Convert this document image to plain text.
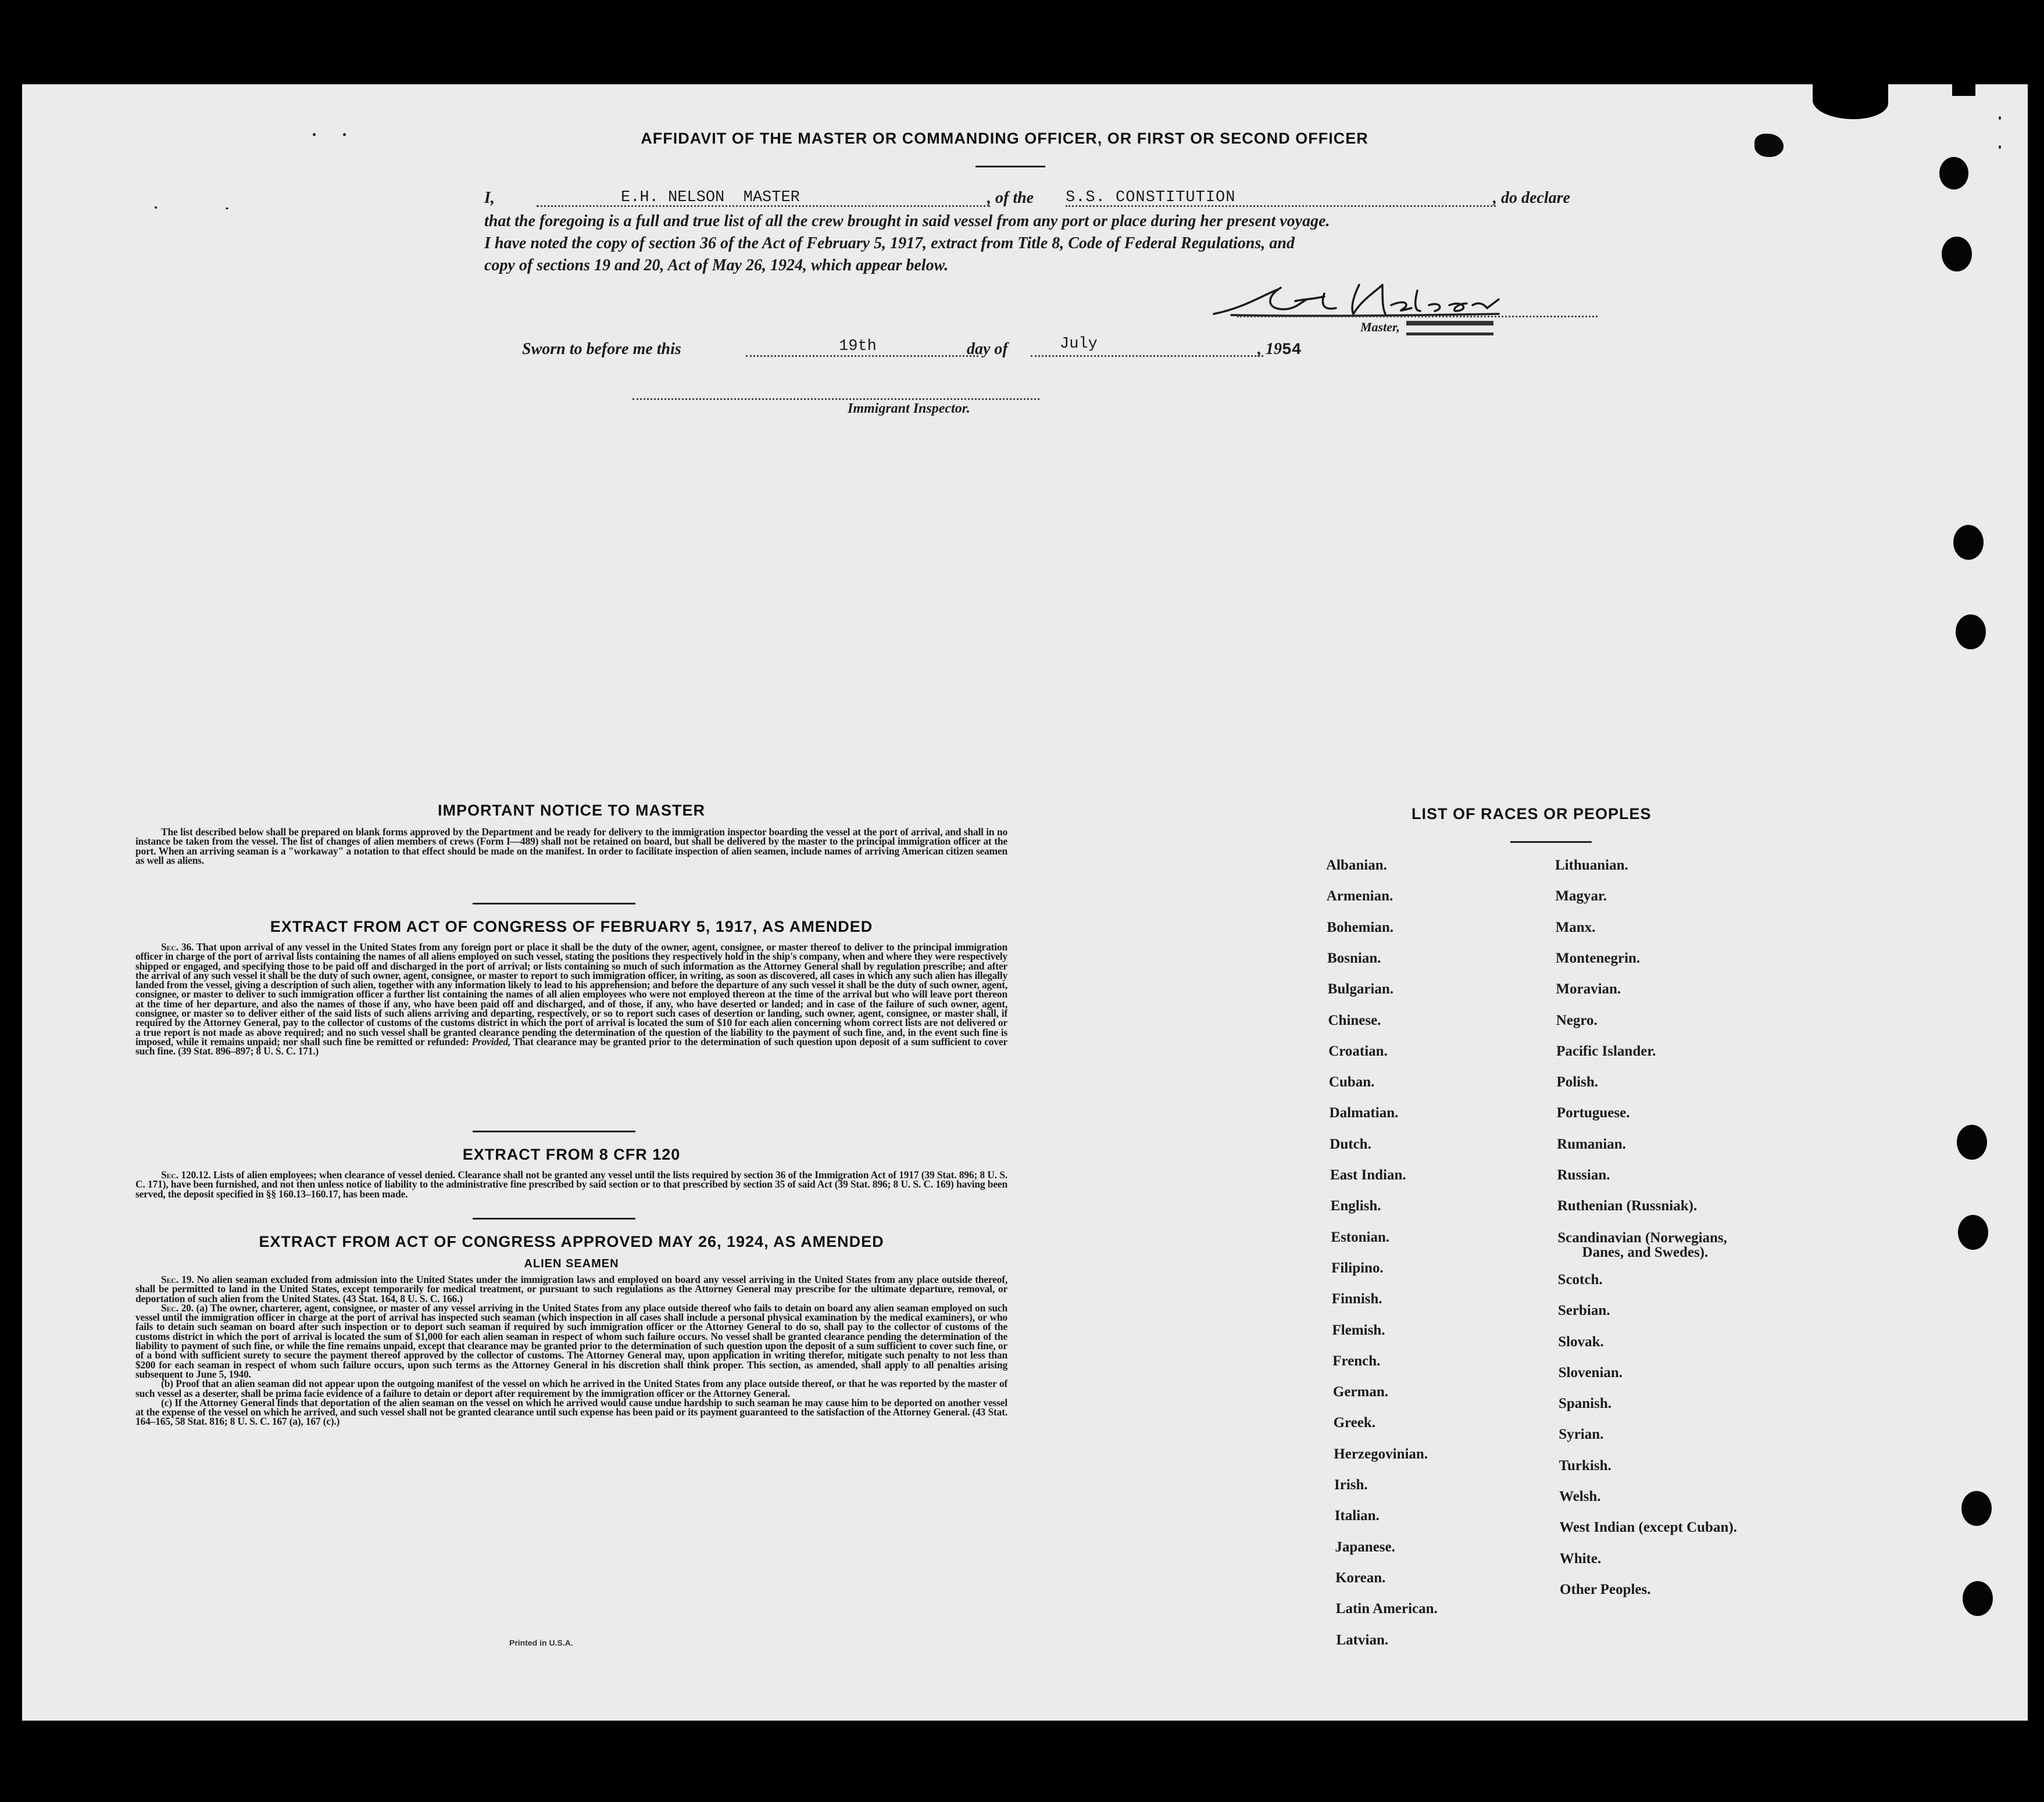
AFFIDAVIT OF THE MASTER OR COMMANDING OFFICER, OR FIRST OR SECOND OFFICER
I,	E.H. NELSON  MASTER	, of the S.S. CONSTITUTION	, do declare
that the foregoing is a full and true list of all the crew brought in said vessel from any port or place during her present voyage.
I have noted the copy of section 36 of the Act of February 5, 1917, extract from Title 8, Code of Federal Regulations, and
copy of sections 19 and 20, Act of May 26, 1924, which appear below.
Master,
Sworn to before me this	19th	day of	July	, 1954
Immigrant Inspector.
IMPORTANT NOTICE TO MASTER

The list described below shall be prepared on blank forms approved by the Department and be ready for delivery to the immigration inspector boarding the vessel at the port of arrival, and shall in no instance be taken from the vessel. The list of changes of alien members of crews (Form I—489) shall not be retained on board, but shall be delivered by the master to the principal immigration officer at the port. When an arriving seaman is a "workaway" a notation to that effect should be made on the manifest. In order to facilitate inspection of alien seamen, include names of arriving American citizen seamen as well as aliens.

EXTRACT FROM ACT OF CONGRESS OF FEBRUARY 5, 1917, AS AMENDED

Sec. 36. That upon arrival of any vessel in the United States from any foreign port or place it shall be the duty of the owner, agent, consignee, or master thereof to deliver to the principal immigration officer in charge of the port of arrival lists containing the names of all aliens employed on such vessel, stating the positions they respectively hold in the ship's company, when and where they were respectively shipped or engaged, and specifying those to be paid off and discharged in the port of arrival; or lists containing so much of such information as the Attorney General shall by regulation prescribe; and after the arrival of any such vessel it shall be the duty of such owner, agent, consignee, or master to report to such immigration officer, in writing, as soon as discovered, all cases in which any such alien has illegally landed from the vessel, giving a description of such alien, together with any information likely to lead to his apprehension; and before the departure of any such vessel it shall be the duty of such owner, agent, consignee, or master to deliver to such immigration officer a further list containing the names of all alien employees who were not employed thereon at the time of the arrival but who will leave port thereon at the time of her departure, and also the names of those if any, who have been paid off and discharged, and of those, if any, who have deserted or landed; and in case of the failure of such owner, agent, consignee, or master so to deliver either of the said lists of such aliens arriving and departing, respectively, or so to report such cases of desertion or landing, such owner, agent, consignee, or master shall, if required by the Attorney General, pay to the collector of customs of the customs district in which the port of arrival is located the sum of $10 for each alien concerning whom correct lists are not delivered or a true report is not made as above required; and no such vessel shall be granted clearance pending the determination of the question of the liability to the payment of such fine, and, in the event such fine is imposed, while it remains unpaid; nor shall such fine be remitted or refunded: Provided, That clearance may be granted prior to the determination of such question upon deposit of a sum sufficient to cover such fine. (39 Stat. 896–897; 8 U. S. C. 171.)

EXTRACT FROM 8 CFR 120

Sec. 120.12. Lists of alien employees; when clearance of vessel denied. Clearance shall not be granted any vessel until the lists required by section 36 of the Immigration Act of 1917 (39 Stat. 896; 8 U. S. C. 171), have been furnished, and not then unless notice of liability to the administrative fine prescribed by said section or to that prescribed by section 35 of said Act (39 Stat. 896; 8 U. S. C. 169) having been served, the deposit specified in §§ 160.13–160.17, has been made.

EXTRACT FROM ACT OF CONGRESS APPROVED MAY 26, 1924, AS AMENDED
ALIEN SEAMEN

Sec. 19. No alien seaman excluded from admission into the United States under the immigration laws and employed on board any vessel arriving in the United States from any place outside thereof, shall be permitted to land in the United States, except temporarily for medical treatment, or pursuant to such regulations as the Attorney General may prescribe for the ultimate departure, removal, or deportation of such alien from the United States. (43 Stat. 164, 8 U. S. C. 166.)

Sec. 20. (a) The owner, charterer, agent, consignee, or master of any vessel arriving in the United States from any place outside thereof who fails to detain on board any alien seaman employed on such vessel until the immigration officer in charge at the port of arrival has inspected such seaman (which inspection in all cases shall include a personal physical examination by the medical examiners), or who fails to detain such seaman on board after such inspection or to deport such seaman if required by such immigration officer or the Attorney General to do so, shall pay to the collector of customs of the customs district in which the port of arrival is located the sum of $1,000 for each alien seaman in respect of whom such failure occurs. No vessel shall be granted clearance pending the determination of the liability to payment of such fine, or while the fine remains unpaid, except that clearance may be granted prior to the determination of such question upon the deposit of a sum sufficient to cover such fine, or of a bond with sufficient surety to secure the payment thereof approved by the collector of customs. The Attorney General may, upon application in writing therefor, mitigate such penalty to not less than $200 for each seaman in respect of whom such failure occurs, upon such terms as the Attorney General in his discretion shall think proper. This section, as amended, shall apply to all penalties arising subsequent to June 5, 1940.

(b) Proof that an alien seaman did not appear upon the outgoing manifest of the vessel on which he arrived in the United States from any place outside thereof, or that he was reported by the master of such vessel as a deserter, shall be prima facie evidence of a failure to detain or deport after requirement by the immigration officer or the Attorney General.

(c) If the Attorney General finds that deportation of the alien seaman on the vessel on which he arrived would cause undue hardship to such seaman he may cause him to be deported on another vessel at the expense of the vessel on which he arrived, and such vessel shall not be granted clearance until such expense has been paid or its payment guaranteed to the satisfaction of the Attorney General. (43 Stat. 164–165, 58 Stat. 816; 8 U. S. C. 167 (a), 167 (c).)

Printed in U.S.A.
LIST OF RACES OR PEOPLES
Albanian.
Armenian.
Bohemian.
Bosnian.
Bulgarian.
Chinese.
Croatian.
Cuban.
Dalmatian.
Dutch.
East Indian.
English.
Estonian.
Filipino.
Finnish.
Flemish.
French.
German.
Greek.
Herzegovinian.
Irish.
Italian.
Japanese.
Korean.
Latin American.
Latvian.
Lithuanian.
Magyar.
Manx.
Montenegrin.
Moravian.
Negro.
Pacific Islander.
Polish.
Portuguese.
Rumanian.
Russian.
Ruthenian (Russniak).
Scandinavian (Norwegians,
Danes, and Swedes).
Scotch.
Serbian.
Slovak.
Slovenian.
Spanish.
Syrian.
Turkish.
Welsh.
West Indian (except Cuban).
White.
Other Peoples.
